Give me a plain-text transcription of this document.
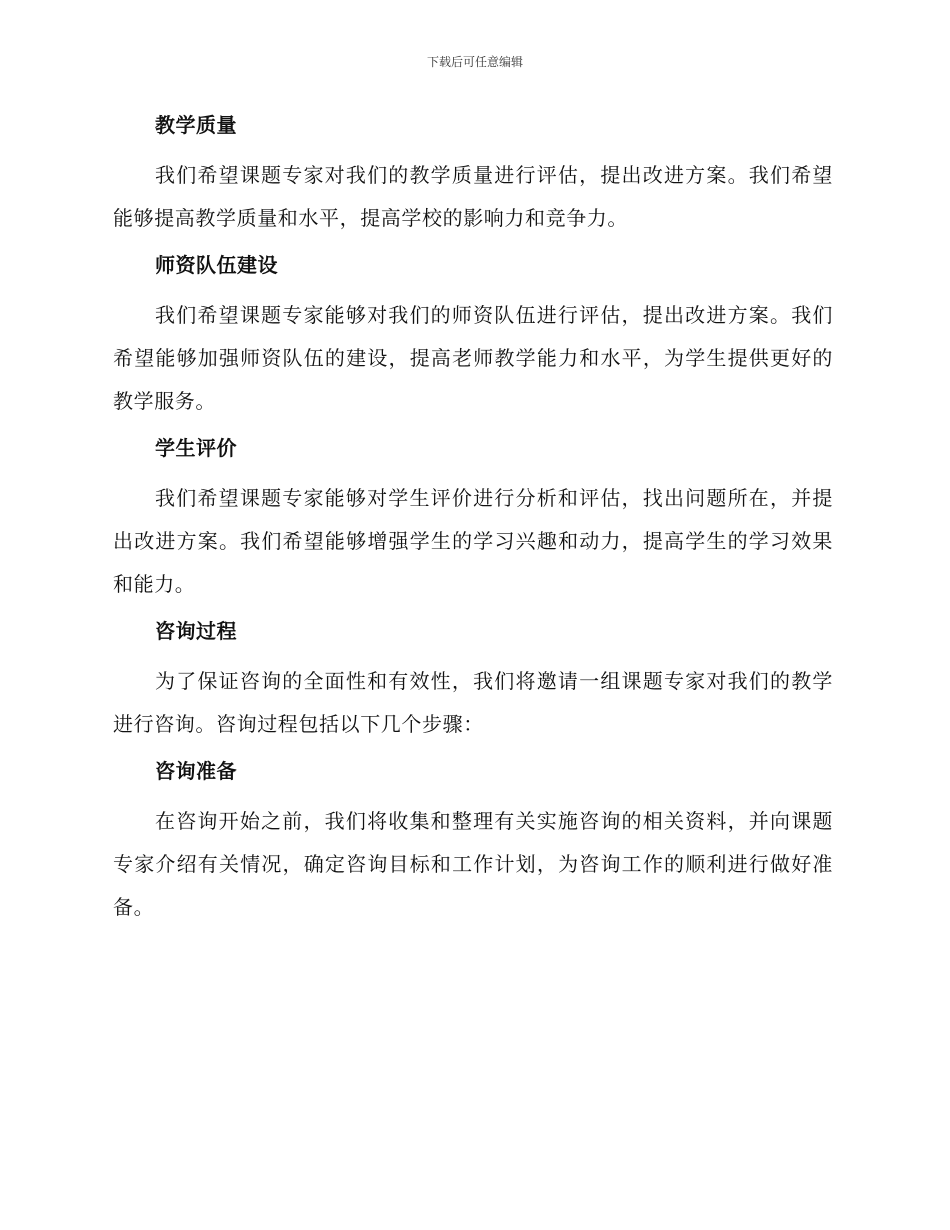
下载后可任意编辑
教学质量

我们希望课题专家对我们的教学质量进行评估，提出改进方案。我们希望能够提高教学质量和水平，提高学校的影响力和竞争力。

师资队伍建设

我们希望课题专家能够对我们的师资队伍进行评估，提出改进方案。我们希望能够加强师资队伍的建设，提高老师教学能力和水平，为学生提供更好的教学服务。

学生评价

我们希望课题专家能够对学生评价进行分析和评估，找出问题所在，并提出改进方案。我们希望能够增强学生的学习兴趣和动力，提高学生的学习效果和能力。

咨询过程

为了保证咨询的全面性和有效性，我们将邀请一组课题专家对我们的教学进行咨询。咨询过程包括以下几个步骤：

咨询准备

在咨询开始之前，我们将收集和整理有关实施咨询的相关资料，并向课题专家介绍有关情况，确定咨询目标和工作计划，为咨询工作的顺利进行做好准备。
